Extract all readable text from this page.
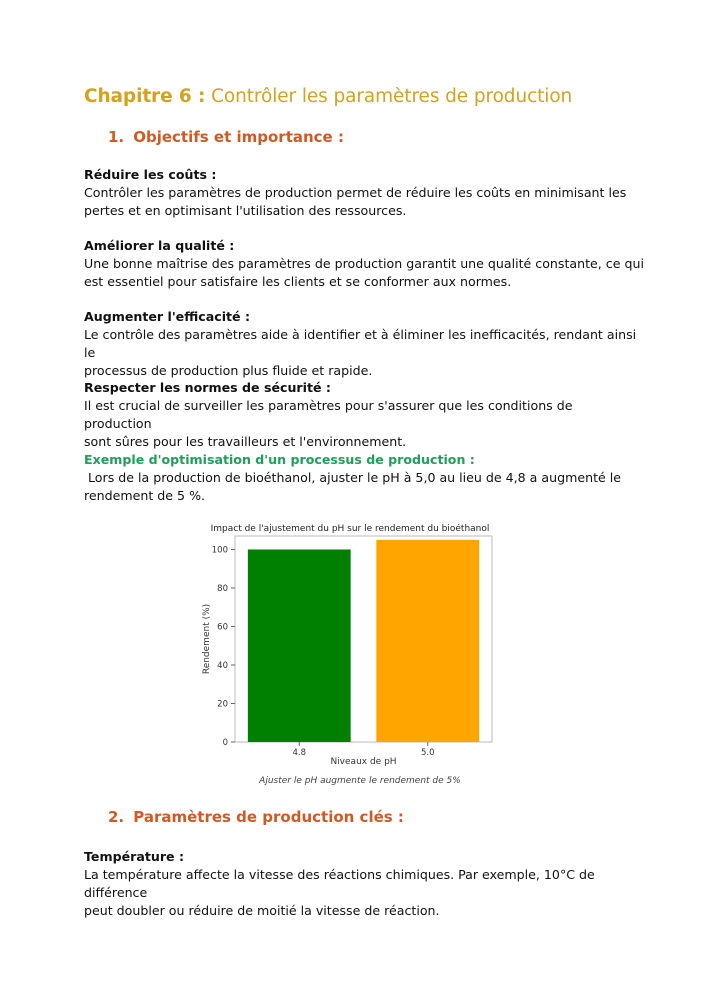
Chapitre 6 : Contrôler les paramètres de production
1. Objectifs et importance :
Réduire les coûts :
Contrôler les paramètres de production permet de réduire les coûts en minimisant les
pertes et en optimisant l'utilisation des ressources.
Améliorer la qualité :
Une bonne maîtrise des paramètres de production garantit une qualité constante, ce qui
est essentiel pour satisfaire les clients et se conformer aux normes.
Augmenter l'efficacité :
Le contrôle des paramètres aide à identifier et à éliminer les inefficacités, rendant ainsi le
processus de production plus fluide et rapide.
Respecter les normes de sécurité :
Il est crucial de surveiller les paramètres pour s'assurer que les conditions de production
sont sûres pour les travailleurs et l'environnement.
Exemple d'optimisation d'un processus de production :
Lors de la production de bioéthanol, ajuster le pH à 5,0 au lieu de 4,8 a augmenté le
rendement de 5 %.
Impact de l'ajustement du pH sur le rendement du bioéthanol
Niveaux de pH
Rendement (%)
0
20
40
60
80
100
4.8	5.0
Ajuster le pH augmente le rendement de 5%
2. Paramètres de production clés :
Température :
La température affecte la vitesse des réactions chimiques. Par exemple, 10°C de différence
peut doubler ou réduire de moitié la vitesse de réaction.
